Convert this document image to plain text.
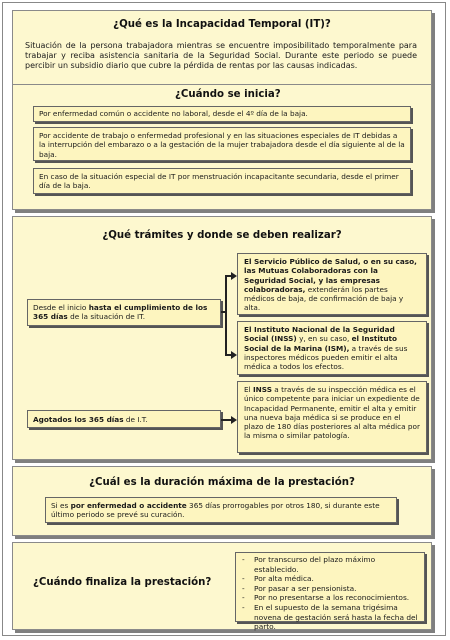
¿Qué es la Incapacidad Temporal (IT)?
Situación de la persona trabajadora mientras se encuentre imposibilitado temporalmente para trabajar y reciba asistencia sanitaria de la Seguridad Social. Durante este periodo se puede percibir un subsidio diario que cubre la pérdida de rentas por las causas indicadas.
¿Cuándo se inicia?
Por enfermedad común o accidente no laboral, desde el 4º día de la baja.
Por accidente de trabajo o enfermedad profesional y en las situaciones especiales de IT debidas a la interrupción del embarazo o a la gestación de la mujer trabajadora desde el día siguiente al de la baja.
En caso de la situación especial de IT por menstruación incapacitante secundaria, desde el primer día de la baja.
¿Qué trámites y donde se deben realizar?
Desde el inicio hasta el cumplimiento de los 365 días de la situación de IT.
Agotados los 365 días de I.T.
El Servicio Público de Salud, o en su caso, las Mutuas Colaboradoras con la Seguridad Social, y las empresas colaboradoras, extenderán los partes médicos de baja, de confirmación de baja y alta.
El Instituto Nacional de la Seguridad Social (INSS) y, en su caso, el Instituto Social de la Marina (ISM), a través de sus inspectores médicos pueden emitir el alta médica a todos los efectos.
El INSS a través de su inspección médica es el único competente para iniciar un expediente de Incapacidad Permanente, emitir el alta y emitir una nueva baja médica si se produce en el plazo de 180 días posteriores al alta médica por la misma o similar patología.
¿Cuál es la duración máxima de la prestación?
Si es por enfermedad o accidente 365 días prorrogables por otros 180, si durante este último periodo se prevé su curación.
¿Cuándo finaliza la prestación?
- Por transcurso del plazo máximo establecido.
- Por alta médica.
- Por pasar a ser pensionista.
- Por no presentarse a los reconocimientos.
- En el supuesto de la semana trigésima novena de gestación será hasta la fecha del parto.
